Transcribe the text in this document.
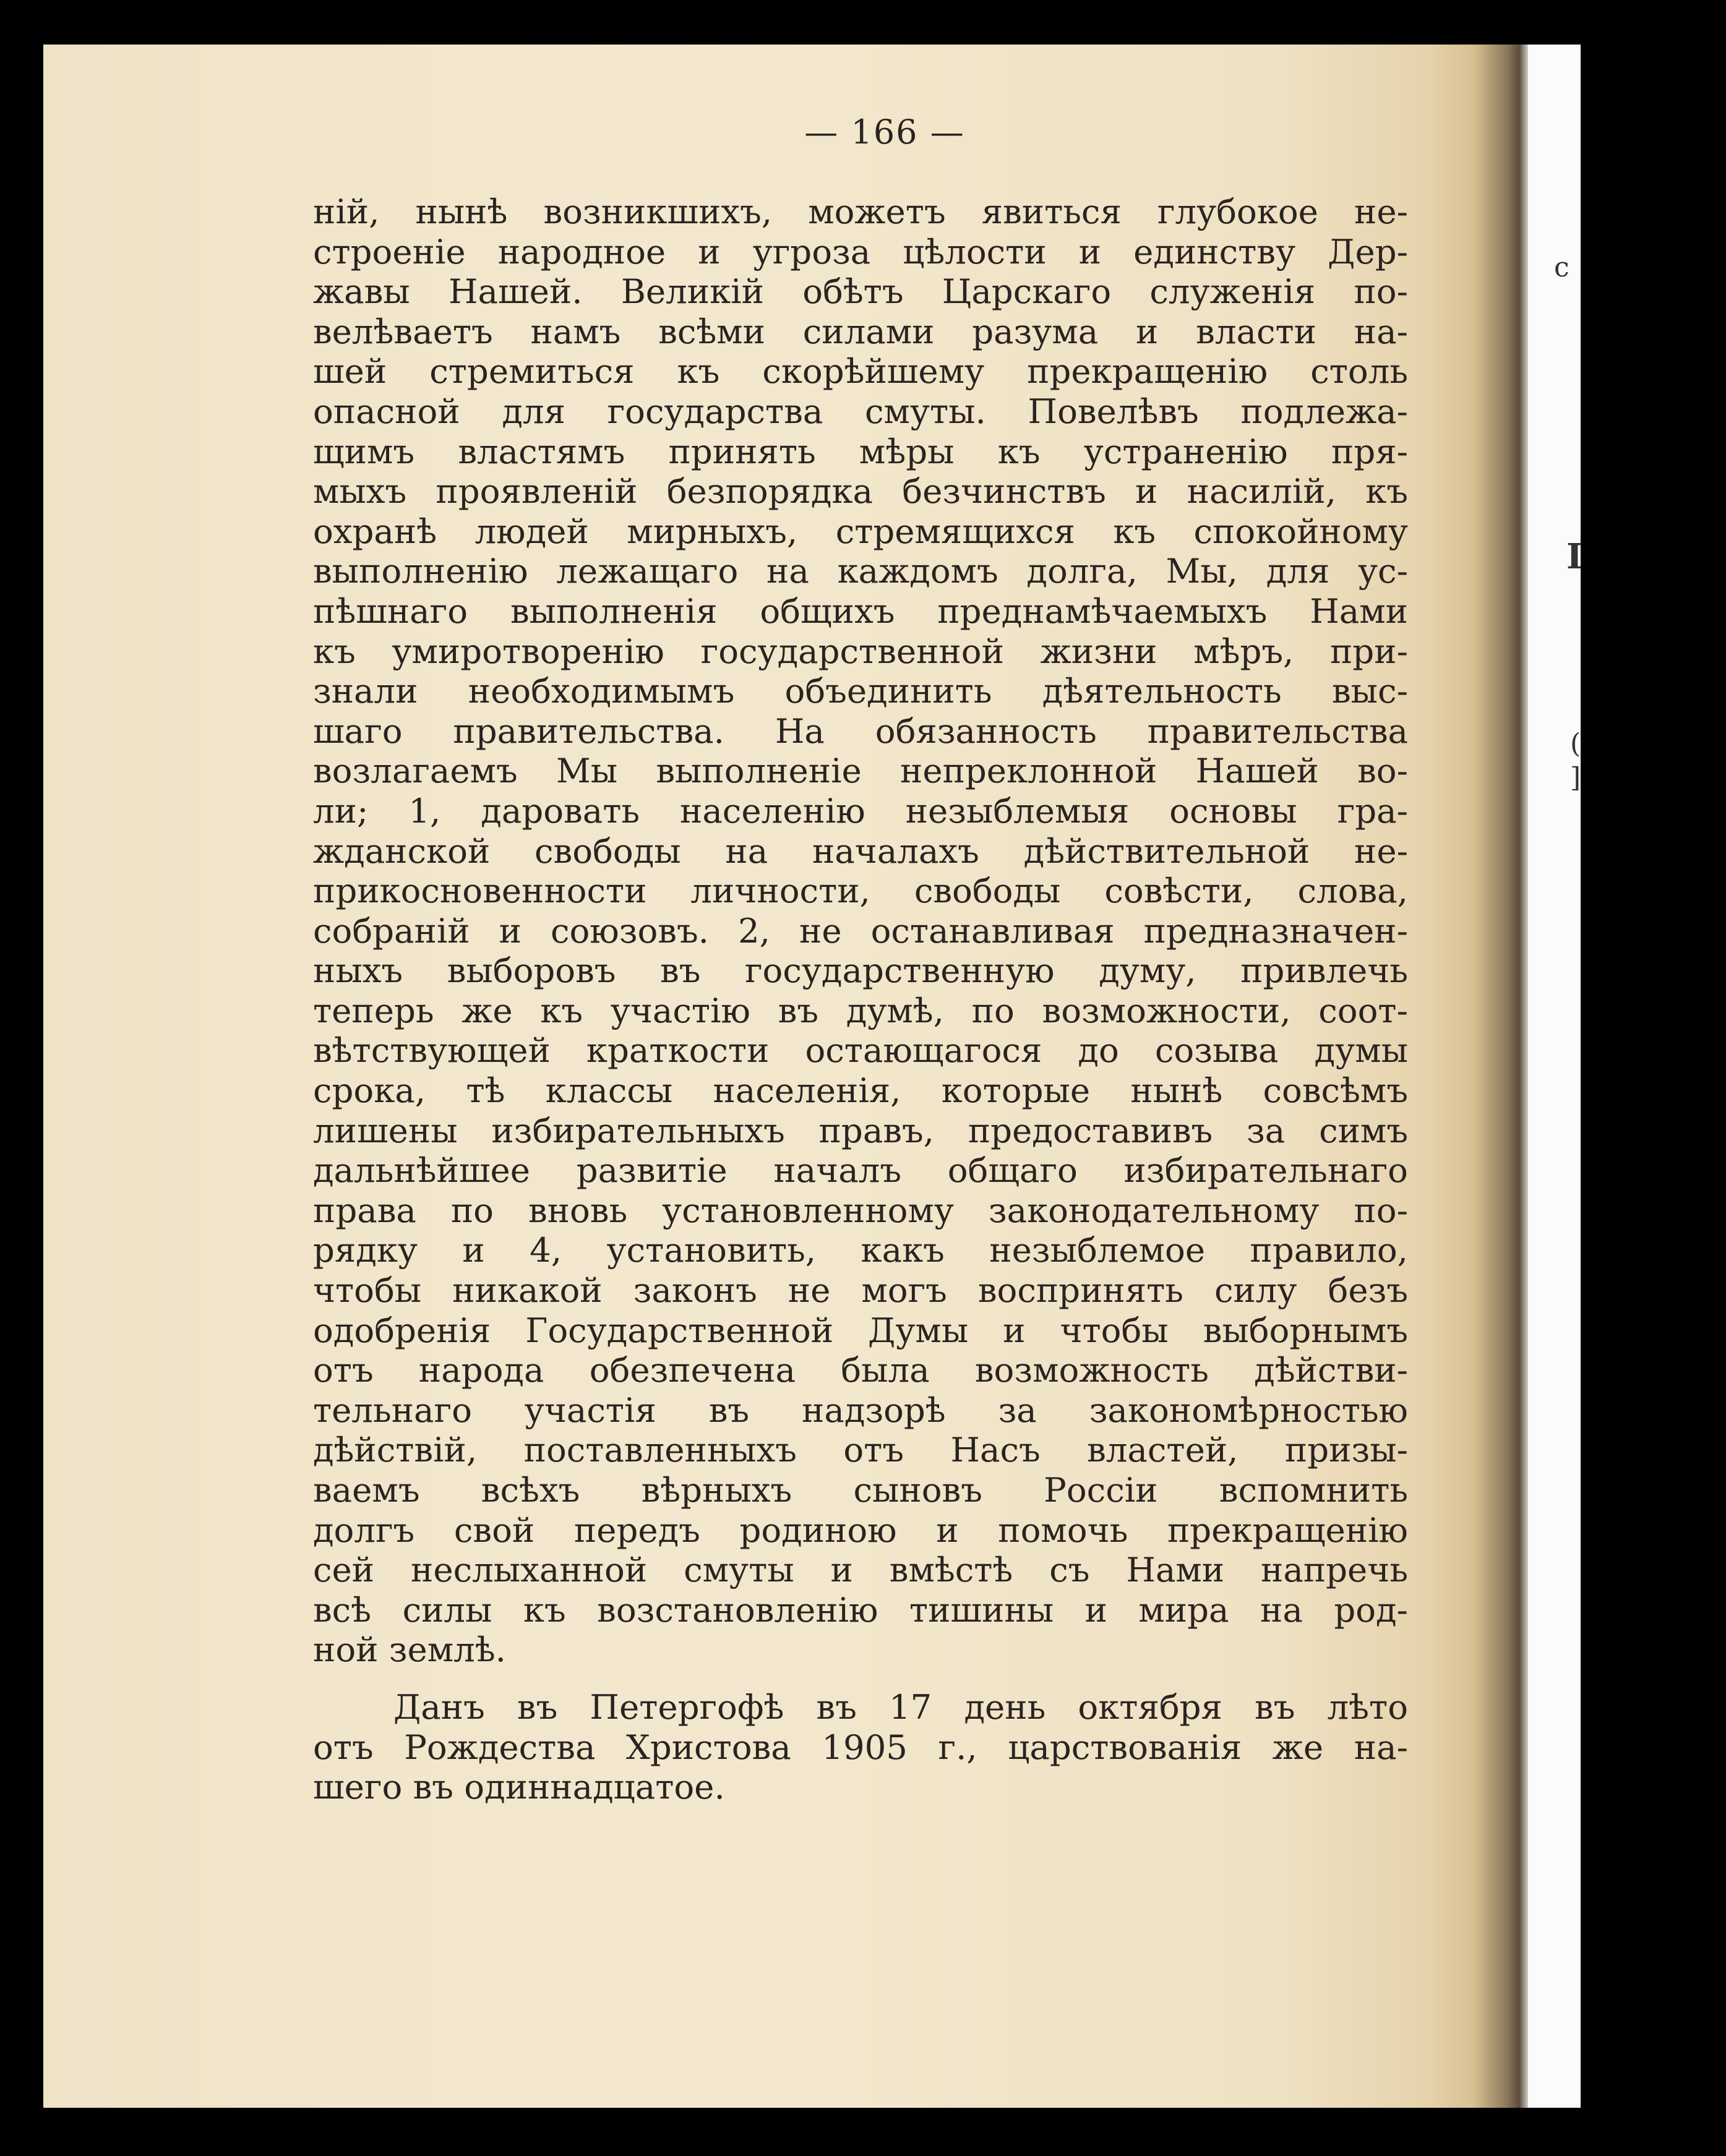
— 166 —
ній, нынѣ возникшихъ, можетъ явиться глубокое не-
строеніе народное и угроза цѣлости и единству Дер-
жавы Нашей. Великій обѣтъ Царскаго служенія по-
велѣваетъ намъ всѣми силами разума и власти на-
шей стремиться къ скорѣйшему прекращенію столь
опасной для государства смуты. Повелѣвъ подлежа-
щимъ властямъ принять мѣры къ устраненію пря-
мыхъ проявленій безпорядка безчинствъ и насилій, къ
охранѣ людей мирныхъ, стремящихся къ спокойному
выполненію лежащаго на каждомъ долга, Мы, для ус-
пѣшнаго выполненія общихъ преднамѣчаемыхъ Нами
къ умиротворенію государственной жизни мѣръ, при-
знали необходимымъ объединить дѣятельность выс-
шаго правительства. На обязанность правительства
возлагаемъ Мы выполненіе непреклонной Нашей во-
ли; 1, даровать населенію незыблемыя основы гра-
жданской свободы на началахъ дѣйствительной не-
прикосновенности личности, свободы совѣсти, слова,
собраній и союзовъ. 2, не останавливая предназначен-
ныхъ выборовъ въ государственную думу, привлечь
теперь же къ участію въ думѣ, по возможности, соот-
вѣтствующей краткости остающагося до созыва думы
срока, тѣ классы населенія, которые нынѣ совсѣмъ
лишены избирательныхъ правъ, предоставивъ за симъ
дальнѣйшее развитіе началъ общаго избирательнаго
права по вновь установленному законодательному по-
рядку и 4, установить, какъ незыблемое правило,
чтобы никакой законъ не могъ воспринять силу безъ
одобренія Государственной Думы и чтобы выборнымъ
отъ народа обезпечена была возможность дѣйстви-
тельнаго участія въ надзорѣ за закономѣрностью
дѣйствій, поставленныхъ отъ Насъ властей, призы-
ваемъ всѣхъ вѣрныхъ сыновъ Россіи вспомнить
долгъ свой передъ родиною и помочь прекращенію
сей неслыханной смуты и вмѣстѣ съ Нами напречь
всѣ силы къ возстановленію тишины и мира на род-
ной землѣ.
Данъ въ Петергофѣ въ 17 день октября въ лѣто
отъ Рождества Христова 1905 г., царствованія же на-
шего въ одиннадцатое.
с
I
(
]
